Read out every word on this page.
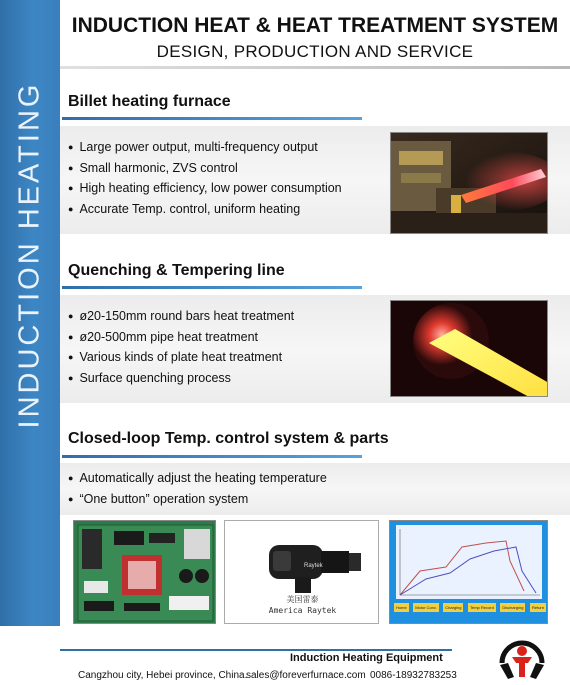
INDUCTION HEATING
INDUCTION HEAT & HEAT TREATMENT SYSTEM
DESIGN, PRODUCTION AND SERVICE
Billet heating furnace
● Large power output, multi-frequency output
● Small harmonic, ZVS control
● High heating efficiency, low power consumption
● Accurate Temp. control, uniform heating
Quenching & Tempering line
● ø20-150mm round bars heat treatment
● ø20-500mm pipe heat treatment
● Various kinds of plate heat treatment
● Surface quenching process
Closed-loop Temp. control system & parts
● Automatically adjust the heating temperature
● “One button” operation system
Raytek
美国雷泰
America Raytek	Home	Motor Conv.	Charging	Temp Record	Discharging	Return
Induction Heating Equipment
Cangzhou city, Hebei province, China.
sales@foreverfurnace.com 0086-18932783253
